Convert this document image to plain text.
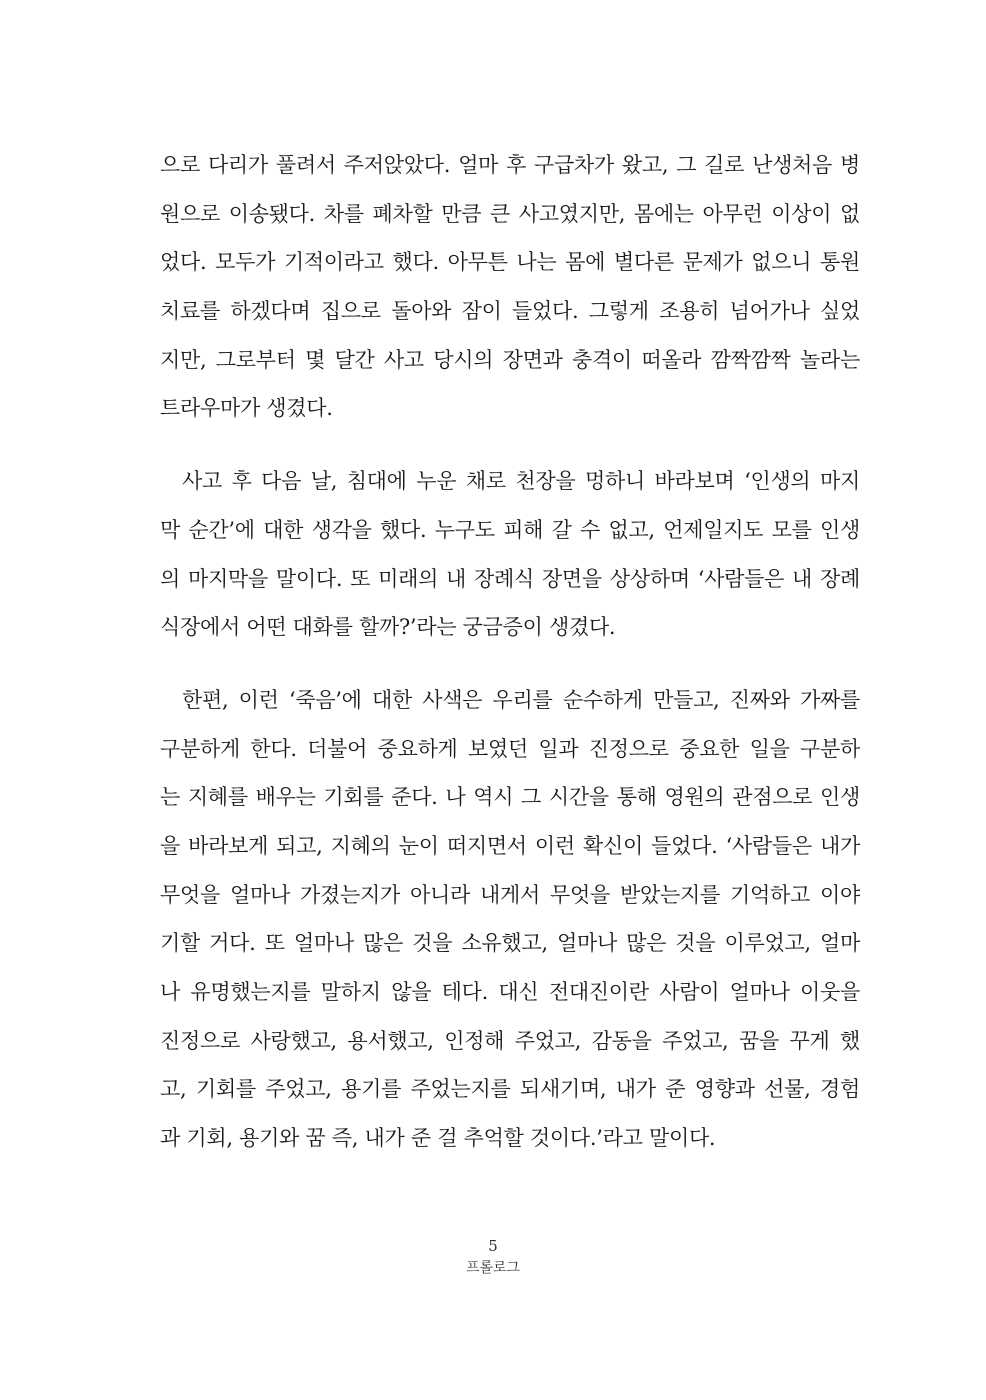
으로 다리가 풀려서 주저앉았다. 얼마 후 구급차가 왔고, 그 길로 난생처음 병
원으로 이송됐다. 차를 폐차할 만큼 큰 사고였지만, 몸에는 아무런 이상이 없
었다. 모두가 기적이라고 했다. 아무튼 나는 몸에 별다른 문제가 없으니 통원
치료를 하겠다며 집으로 돌아와 잠이 들었다. 그렇게 조용히 넘어가나 싶었
지만, 그로부터 몇 달간 사고 당시의 장면과 충격이 떠올라 깜짝깜짝 놀라는
트라우마가 생겼다.

사고 후 다음 날, 침대에 누운 채로 천장을 멍하니 바라보며 ‘인생의 마지
막 순간’에 대한 생각을 했다. 누구도 피해 갈 수 없고, 언제일지도 모를 인생
의 마지막을 말이다. 또 미래의 내 장례식 장면을 상상하며 ‘사람들은 내 장례
식장에서 어떤 대화를 할까?’라는 궁금증이 생겼다.

한편, 이런 ‘죽음’에 대한 사색은 우리를 순수하게 만들고, 진짜와 가짜를
구분하게 한다. 더불어 중요하게 보였던 일과 진정으로 중요한 일을 구분하
는 지혜를 배우는 기회를 준다. 나 역시 그 시간을 통해 영원의 관점으로 인생
을 바라보게 되고, 지혜의 눈이 떠지면서 이런 확신이 들었다. ‘사람들은 내가
무엇을 얼마나 가졌는지가 아니라 내게서 무엇을 받았는지를 기억하고 이야
기할 거다. 또 얼마나 많은 것을 소유했고, 얼마나 많은 것을 이루었고, 얼마
나 유명했는지를 말하지 않을 테다. 대신 전대진이란 사람이 얼마나 이웃을
진정으로 사랑했고, 용서했고, 인정해 주었고, 감동을 주었고, 꿈을 꾸게 했
고, 기회를 주었고, 용기를 주었는지를 되새기며, 내가 준 영향과 선물, 경험
과 기회, 용기와 꿈 즉, 내가 준 걸 추억할 것이다.’라고 말이다.

5
프롤로그
